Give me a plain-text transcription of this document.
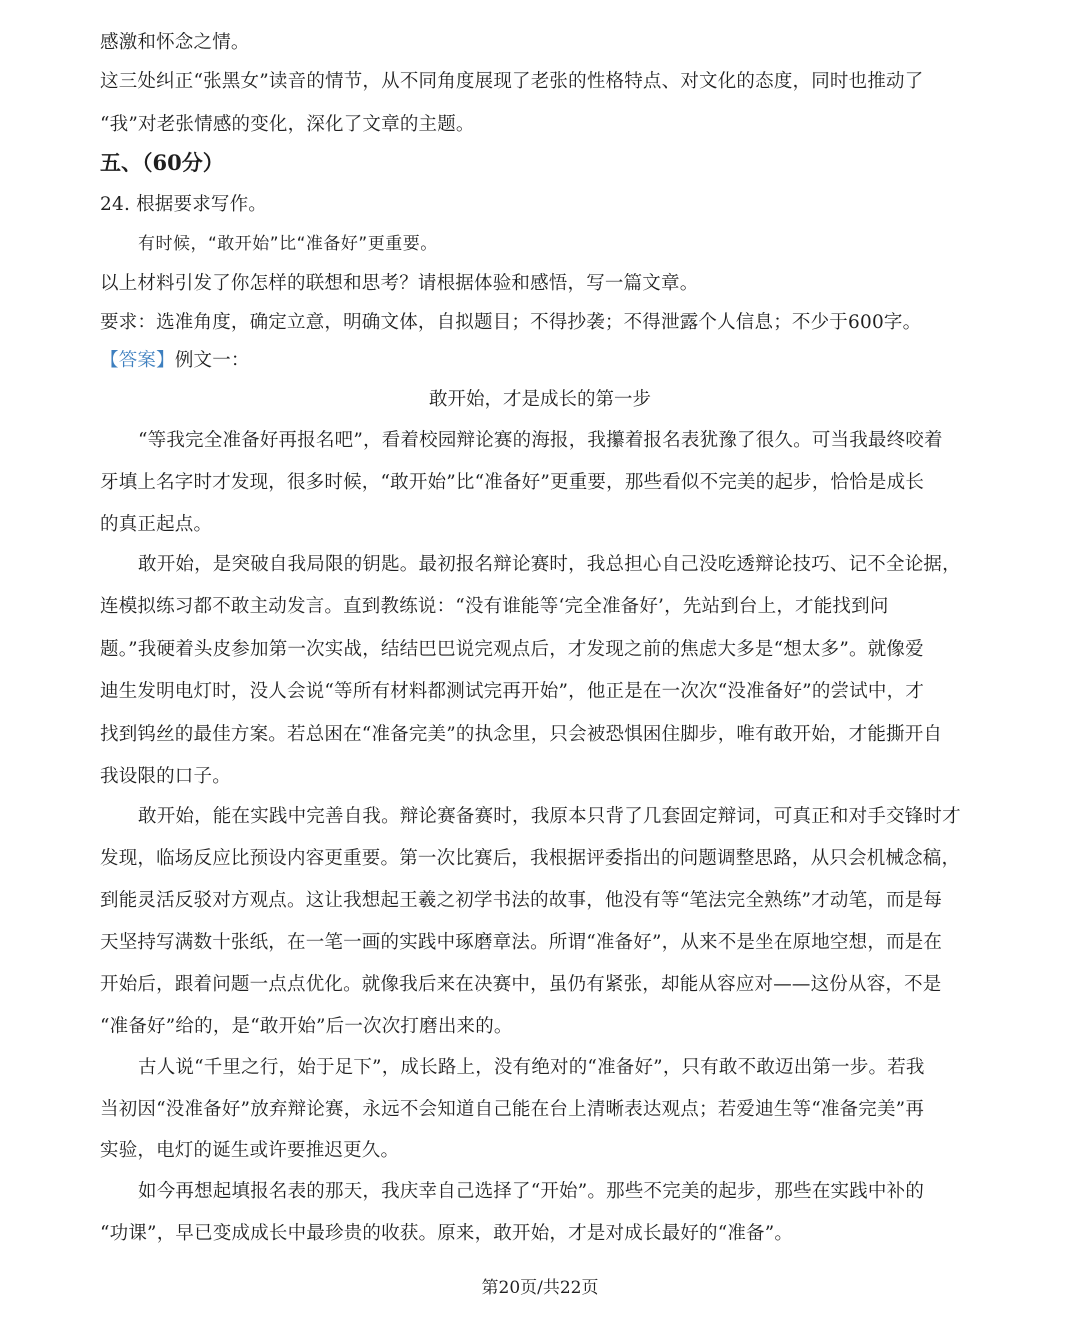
感激和怀念之情。
这三处纠正“张黑女”读音的情节，从不同角度展现了老张的性格特点、对文化的态度，同时也推动了
“我”对老张情感的变化，深化了文章的主题。
五、（60分）
24. 根据要求写作。
有时候，“敢开始”比“准备好”更重要。
以上材料引发了你怎样的联想和思考？请根据体验和感悟，写一篇文章。
要求：选准角度，确定立意，明确文体，自拟题目；不得抄袭；不得泄露个人信息；不少于600字。
【答案】例文一：
敢开始，才是成长的第一步
“等我完全准备好再报名吧”，看着校园辩论赛的海报，我攥着报名表犹豫了很久。可当我最终咬着
牙填上名字时才发现，很多时候，“敢开始”比“准备好”更重要，那些看似不完美的起步，恰恰是成长
的真正起点。
敢开始，是突破自我局限的钥匙。最初报名辩论赛时，我总担心自己没吃透辩论技巧、记不全论据，
连模拟练习都不敢主动发言。直到教练说：“没有谁能等‘完全准备好’，先站到台上，才能找到问
题。”我硬着头皮参加第一次实战，结结巴巴说完观点后，才发现之前的焦虑大多是“想太多”。就像爱
迪生发明电灯时，没人会说“等所有材料都测试完再开始”，他正是在一次次“没准备好”的尝试中，才
找到钨丝的最佳方案。若总困在“准备完美”的执念里，只会被恐惧困住脚步，唯有敢开始，才能撕开自
我设限的口子。
敢开始，能在实践中完善自我。辩论赛备赛时，我原本只背了几套固定辩词，可真正和对手交锋时才
发现，临场反应比预设内容更重要。第一次比赛后，我根据评委指出的问题调整思路，从只会机械念稿，
到能灵活反驳对方观点。这让我想起王羲之初学书法的故事，他没有等“笔法完全熟练”才动笔，而是每
天坚持写满数十张纸，在一笔一画的实践中琢磨章法。所谓“准备好”，从来不是坐在原地空想，而是在
开始后，跟着问题一点点优化。就像我后来在决赛中，虽仍有紧张，却能从容应对——这份从容，不是
“准备好”给的，是“敢开始”后一次次打磨出来的。
古人说“千里之行，始于足下”，成长路上，没有绝对的“准备好”，只有敢不敢迈出第一步。若我
当初因“没准备好”放弃辩论赛，永远不会知道自己能在台上清晰表达观点；若爱迪生等“准备完美”再
实验，电灯的诞生或许要推迟更久。
如今再想起填报名表的那天，我庆幸自己选择了“开始”。那些不完美的起步，那些在实践中补的
“功课”，早已变成成长中最珍贵的收获。原来，敢开始，才是对成长最好的“准备”。
第20页/共22页
